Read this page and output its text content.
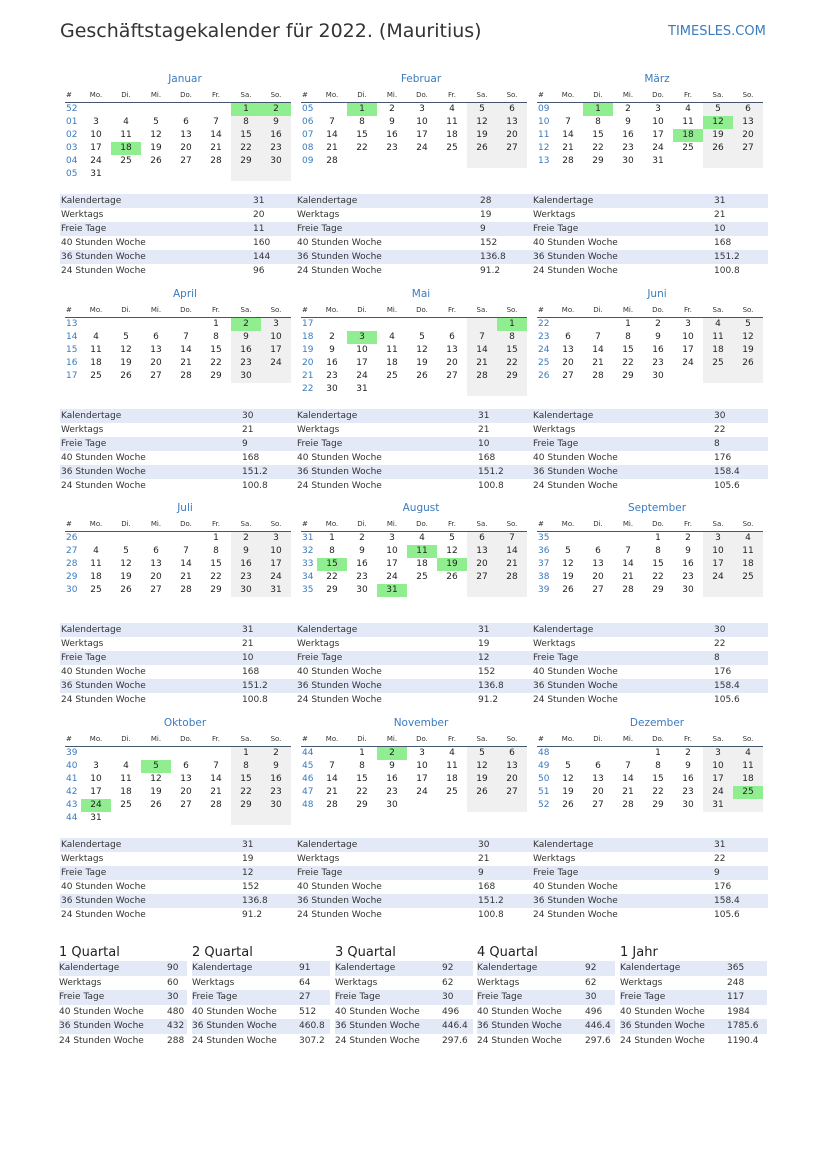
Geschäftstagekalender für 2022. (Mauritius)	TIMESLES.COM
Januar
#	Mo.	Di.	Mi.	Do.	Fr.	Sa.	So.
52						1	2
01	3	4	5	6	7	8	9
02	10	11	12	13	14	15	16
03	17	18	19	20	21	22	23
04	24	25	26	27	28	29	30
05	31						
Kalendertage	31
Werktags	20
Freie Tage	11
40 Stunden Woche	160
36 Stunden Woche	144
24 Stunden Woche	96
Februar
#	Mo.	Di.	Mi.	Do.	Fr.	Sa.	So.
05		1	2	3	4	5	6
06	7	8	9	10	11	12	13
07	14	15	16	17	18	19	20
08	21	22	23	24	25	26	27
09	28						
Kalendertage	28
Werktags	19
Freie Tage	9
40 Stunden Woche	152
36 Stunden Woche	136.8
24 Stunden Woche	91.2
März
#	Mo.	Di.	Mi.	Do.	Fr.	Sa.	So.
09		1	2	3	4	5	6
10	7	8	9	10	11	12	13
11	14	15	16	17	18	19	20
12	21	22	23	24	25	26	27
13	28	29	30	31			
Kalendertage	31
Werktags	21
Freie Tage	10
40 Stunden Woche	168
36 Stunden Woche	151.2
24 Stunden Woche	100.8
April
#	Mo.	Di.	Mi.	Do.	Fr.	Sa.	So.
13					1	2	3
14	4	5	6	7	8	9	10
15	11	12	13	14	15	16	17
16	18	19	20	21	22	23	24
17	25	26	27	28	29	30	
Kalendertage	30
Werktags	21
Freie Tage	9
40 Stunden Woche	168
36 Stunden Woche	151.2
24 Stunden Woche	100.8
Mai
#	Mo.	Di.	Mi.	Do.	Fr.	Sa.	So.
17							1
18	2	3	4	5	6	7	8
19	9	10	11	12	13	14	15
20	16	17	18	19	20	21	22
21	23	24	25	26	27	28	29
22	30	31					
Kalendertage	31
Werktags	21
Freie Tage	10
40 Stunden Woche	168
36 Stunden Woche	151.2
24 Stunden Woche	100.8
Juni
#	Mo.	Di.	Mi.	Do.	Fr.	Sa.	So.
22			1	2	3	4	5
23	6	7	8	9	10	11	12
24	13	14	15	16	17	18	19
25	20	21	22	23	24	25	26
26	27	28	29	30			
Kalendertage	30
Werktags	22
Freie Tage	8
40 Stunden Woche	176
36 Stunden Woche	158.4
24 Stunden Woche	105.6
Juli
#	Mo.	Di.	Mi.	Do.	Fr.	Sa.	So.
26					1	2	3
27	4	5	6	7	8	9	10
28	11	12	13	14	15	16	17
29	18	19	20	21	22	23	24
30	25	26	27	28	29	30	31
Kalendertage	31
Werktags	21
Freie Tage	10
40 Stunden Woche	168
36 Stunden Woche	151.2
24 Stunden Woche	100.8
August
#	Mo.	Di.	Mi.	Do.	Fr.	Sa.	So.
31	1	2	3	4	5	6	7
32	8	9	10	11	12	13	14
33	15	16	17	18	19	20	21
34	22	23	24	25	26	27	28
35	29	30	31				
Kalendertage	31
Werktags	19
Freie Tage	12
40 Stunden Woche	152
36 Stunden Woche	136.8
24 Stunden Woche	91.2
September
#	Mo.	Di.	Mi.	Do.	Fr.	Sa.	So.
35				1	2	3	4
36	5	6	7	8	9	10	11
37	12	13	14	15	16	17	18
38	19	20	21	22	23	24	25
39	26	27	28	29	30		
Kalendertage	30
Werktags	22
Freie Tage	8
40 Stunden Woche	176
36 Stunden Woche	158.4
24 Stunden Woche	105.6
Oktober
#	Mo.	Di.	Mi.	Do.	Fr.	Sa.	So.
39						1	2
40	3	4	5	6	7	8	9
41	10	11	12	13	14	15	16
42	17	18	19	20	21	22	23
43	24	25	26	27	28	29	30
44	31						
Kalendertage	31
Werktags	19
Freie Tage	12
40 Stunden Woche	152
36 Stunden Woche	136.8
24 Stunden Woche	91.2
November
#	Mo.	Di.	Mi.	Do.	Fr.	Sa.	So.
44		1	2	3	4	5	6
45	7	8	9	10	11	12	13
46	14	15	16	17	18	19	20
47	21	22	23	24	25	26	27
48	28	29	30				
Kalendertage	30
Werktags	21
Freie Tage	9
40 Stunden Woche	168
36 Stunden Woche	151.2
24 Stunden Woche	100.8
Dezember
#	Mo.	Di.	Mi.	Do.	Fr.	Sa.	So.
48				1	2	3	4
49	5	6	7	8	9	10	11
50	12	13	14	15	16	17	18
51	19	20	21	22	23	24	25
52	26	27	28	29	30	31	
Kalendertage	31
Werktags	22
Freie Tage	9
40 Stunden Woche	176
36 Stunden Woche	158.4
24 Stunden Woche	105.6
1 Quartal
Kalendertage	90
Werktags	60
Freie Tage	30
40 Stunden Woche	480
36 Stunden Woche	432
24 Stunden Woche	288
2 Quartal
Kalendertage	91
Werktags	64
Freie Tage	27
40 Stunden Woche 512
36 Stunden Woche 460.8
24 Stunden Woche 307.2
3 Quartal
Kalendertage	92
Werktags	62
Freie Tage	30
40 Stunden Woche 496
36 Stunden Woche 446.4
24 Stunden Woche 297.6
4 Quartal
Kalendertage	92
Werktags	62
Freie Tage	30
40 Stunden Woche	496
36 Stunden Woche	446.4
24 Stunden Woche	297.6
1 Jahr
Kalendertage	365
Werktags	248
Freie Tage	117
40 Stunden Woche 1984
36 Stunden Woche 1785.6
24 Stunden Woche 1190.4
